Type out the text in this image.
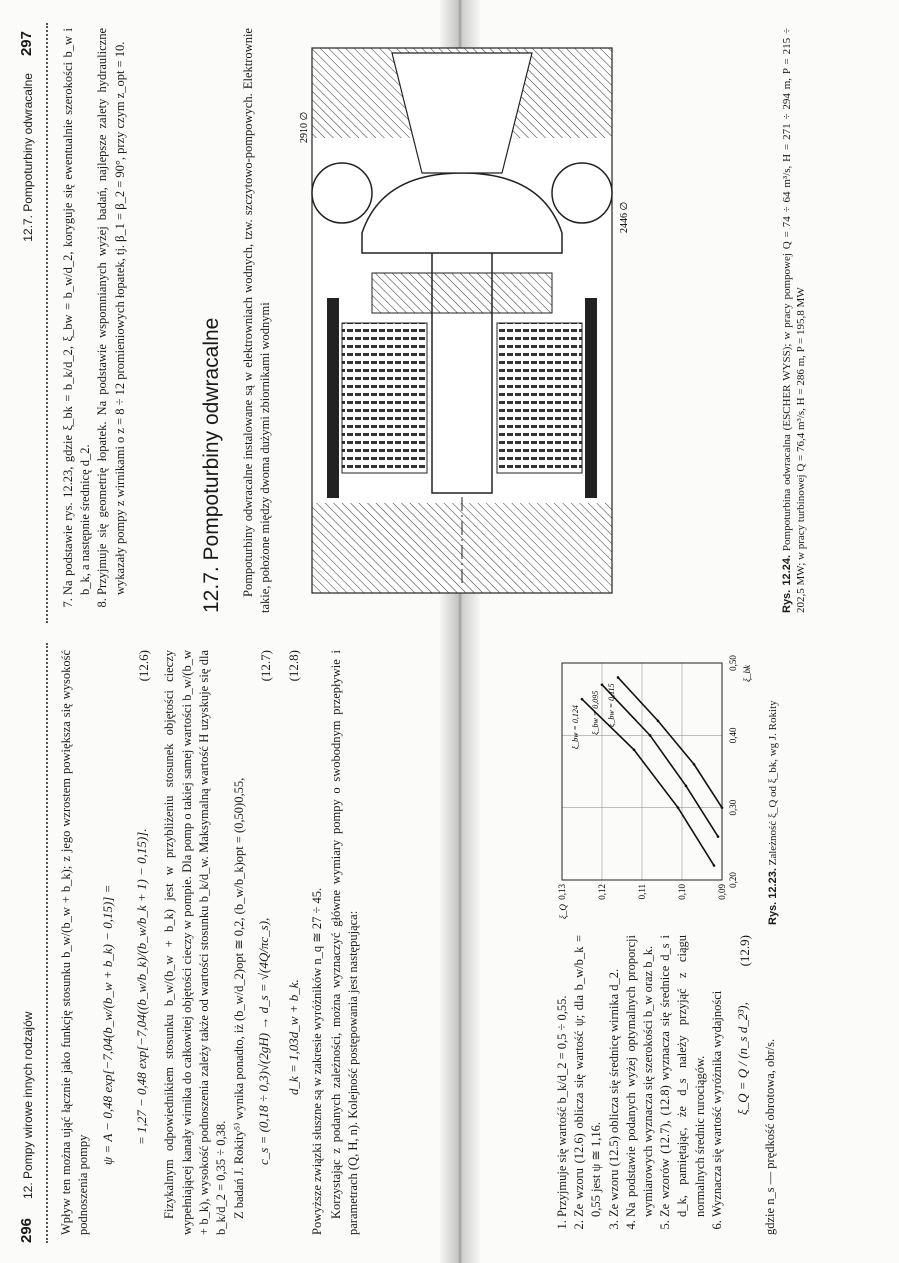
296
12. Pompy wirowe innych rodzajów Wpływ ten można ująć łącznie jako funkcję stosunku b_w/(b_w + b_k); z jego wzrostem powiększa się wysokość podnoszenia pompy

ψ = A − 0,48 exp[−7,04(b_w/(b_w + b_k) − 0,15)] = = 1,27 − 0,48 exp[−7,04((b_w/b_k)/(b_w/b_k + 1) − 0,15)].
(12.6) Fizykalnym odpowiednikiem stosunku b_w/(b_w + b_k) jest w przybliżeniu stosunek objętości cieczy wypełniającej kanały wirnika do całkowitej objętości cieczy w pompie. Dla pomp o takiej samej wartości b_w/(b_w + b_k), wysokość podnoszenia zależy także od wartości stosunku b_k/d_w. Maksymalną wartość H uzyskuje się dla b_k/d_2 = 0,35 ÷ 0,38. Z badań J. Rokity⁵⁾ wynika ponadto, iż (b_w/d_2)opt ≅ 0,2, (b_w/b_k)opt = (0,50)0,55, c_s = (0,18 ÷ 0,3)√(2gH) → d_s = √(4Q/πc_s),
(12.7)
d_k = 1,03d_w + b_k.
(12.8)

Powyższe związki słuszne są w zakresie wyróżników n_q ≅ 27 ÷ 45. Korzystając z podanych zależności, można wyznaczyć główne wymiary pompy o swobodnym przepływie i parametrach (Q, H, n). Kolejność postępowania jest następująca:	1. Przyjmuje się wartość b_k/d_2 = 0,5 ÷ 0,55. 2. Ze wzoru (12.6) oblicza się wartość ψ; dla b_w/b_k = 0,55 jest ψ ≅ 1,16. 3. Ze wzoru (12.5) oblicza się średnicę wirnika d_2. 4. Na podstawie podanych wyżej optymalnych proporcji wymiarowych wyznacza się szerokości b_w oraz b_k. 5. Ze wzorów (12.7), (12.8) wyznacza się średnice d_s i d_k, pamiętając, że d_s należy przyjąć z ciągu normalnych średnic rurociągów. 6. Wyznacza się wartość wyróżnika wydajności ξ_Q = Q / (n_s d_2³),
(12.9)

gdzie n_s — prędkość obrotowa, obr/s.

0,20
0,30
0,40
0,50
0,09
0,10
0,11
0,12
0,13
ξ_bk
ξ_Q
ξ_bw = 0,124 ξ_bw = 0,095 ξ_bw = 0,115
Rys. 12.23. Zależność ξ_Q od ξ_bk, wg J. Rokity
12.7. Pompoturbiny odwracalne
297 7. Na podstawie rys. 12.23, gdzie ξ_bk = b_k/d_2, ξ_bw = b_w/d_2, koryguje się ewentualnie szerokości b_w i b_k, a następnie średnicę d_2. 8. Przyjmuje się geometrię łopatek. Na podstawie wspomnianych wyżej badań, najlepsze zalety hydrauliczne wykazały pompy z wirnikami o z = 8 ÷ 12 promieniowych łopatek, tj. β_1 = β_2 = 90°, przy czym z_opt = 10.	12.7. Pompoturbiny odwracalne Pompoturbiny odwracalne instalowane są w elektrowniach wodnych, tzw. szczytowo-pompowych. Elektrownie takie, położone między dwoma dużymi zbiornikami wodnymi

2910 ∅
2446 ∅
Rys. 12.24. Pompoturbina odwracalna (ESCHER WYSS); w pracy pompowej Q = 74 ÷ 64 m³/s, H = 271 ÷ 294 m, P = 215 ÷ 202,5 MW; w pracy turbinowej Q = 76,4 m³/s, H = 286 m, P = 195,8 MW
